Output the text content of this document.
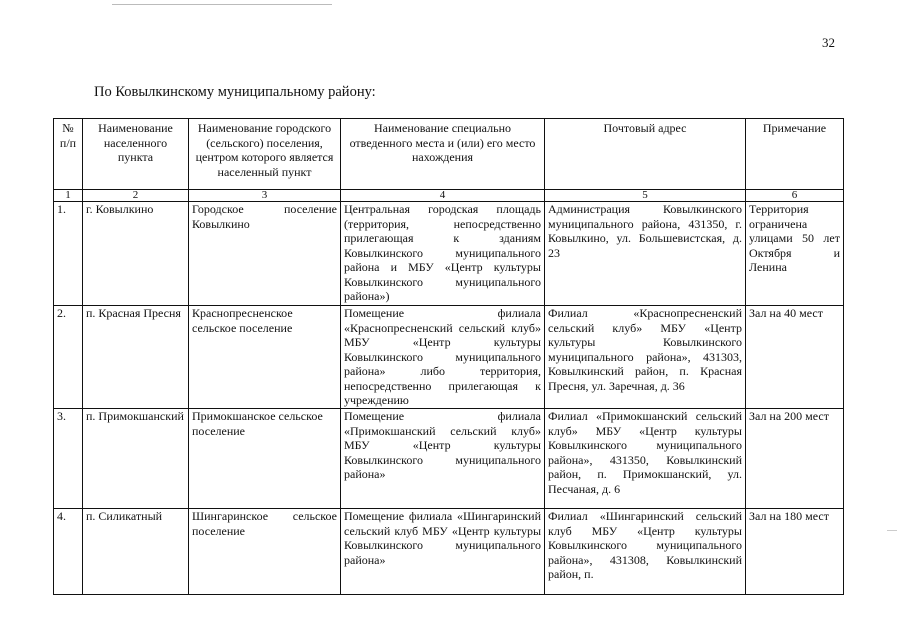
32
По Ковылкинскому муниципальному району:
№ п/п	Наименование населенного пункта	Наименование городского (сельского) поселения, центром которого является населенный пункт	Наименование специально отведенного места и (или) его место нахождения	Почтовый адрес	Примечание
1	2	3	4	5	6
1.	г. Ковылкино	Городское поселение Ковылкино	Центральная городская площадь (территория, непосредственно прилегающая к зданиям Ковылкинского муниципального района и МБУ «Центр культуры Ковылкинского муниципального района»)	Администрация Ковылкинского муниципального района, 431350, г. Ковылкино, ул. Большевистская, д. 23	Территория ограничена улицами 50 лет Октября и Ленина
2.	п. Красная Пресня	Краснопресненское сельское поселение	Помещение филиала «Краснопресненский сельский клуб» МБУ «Центр культуры Ковылкинского муниципального района» либо территория, непосредственно прилегающая к учреждению	Филиал «Краснопресненский сельский клуб» МБУ «Центр культуры Ковылкинского муниципального района», 431303, Ковылкинский район, п. Красная Пресня, ул. Заречная, д. 36	Зал на 40 мест
3.	п. Примокшанский	Примокшанское сельское поселение	Помещение филиала «Примокшанский сельский клуб» МБУ «Центр культуры Ковылкинского муниципального района»	Филиал «Примокшанский сельский клуб» МБУ «Центр культуры Ковылкинского муниципального района», 431350, Ковылкинский район, п. Примокшанский, ул. Песчаная, д. 6	Зал на 200 мест
4.	п. Силикатный	Шингаринское сельское поселение	Помещение филиала «Шингаринский сельский клуб МБУ «Центр культуры Ковылкинского муниципального района»	Филиал «Шингаринский сельский клуб МБУ «Центр культуры Ковылкинского муниципального района», 431308, Ковылкинский район, п.	Зал на 180 мест
